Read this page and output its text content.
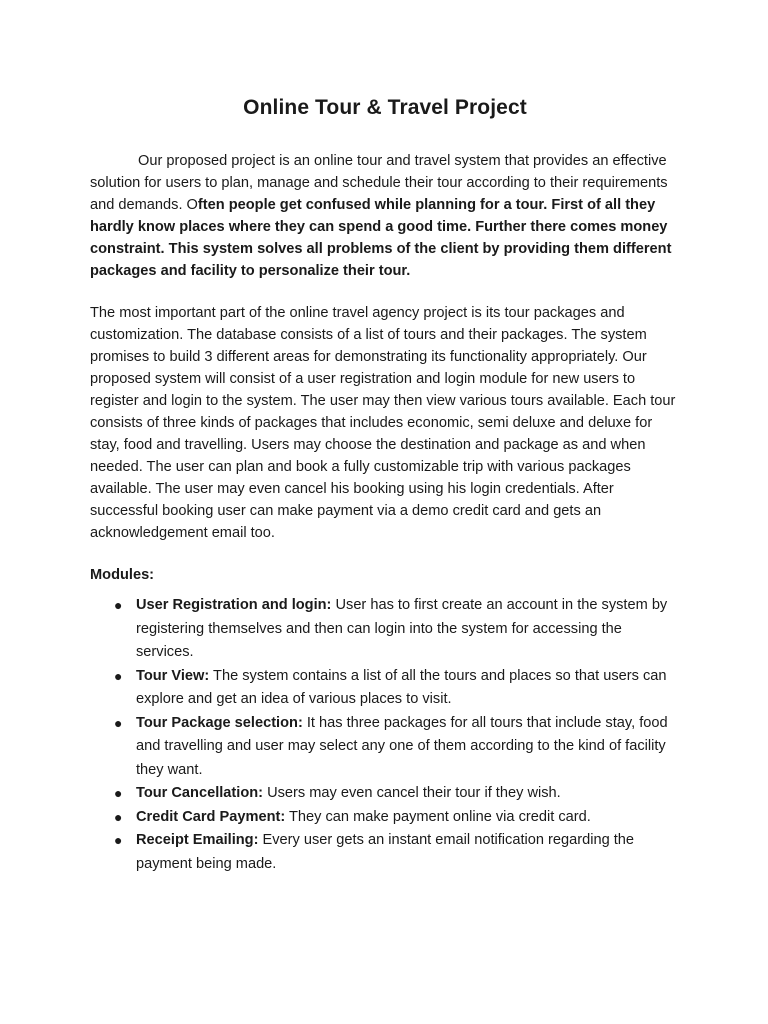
Online Tour & Travel Project

Our proposed project is an online tour and travel system that provides an effective solution for users to plan, manage and schedule their tour according to their requirements and demands. Often people get confused while planning for a tour. First of all they hardly know places where they can spend a good time. Further there comes money constraint. This system solves all problems of the client by providing them different packages and facility to personalize their tour.

The most important part of the online travel agency project is its tour packages and customization. The database consists of a list of tours and their packages. The system promises to build 3 different areas for demonstrating its functionality appropriately. Our proposed system will consist of a user registration and login module for new users to register and login to the system. The user may then view various tours available. Each tour consists of three kinds of packages that includes economic, semi deluxe and deluxe for stay, food and travelling. Users may choose the destination and package as and when needed. The user can plan and book a fully customizable trip with various packages available. The user may even cancel his booking using his login credentials. After successful booking user can make payment via a demo credit card and gets an acknowledgement email too.

Modules:
● User Registration and login: User has to first create an account in the system by registering themselves and then can login into the system for accessing the services.
● Tour View: The system contains a list of all the tours and places so that users can explore and get an idea of various places to visit.
● Tour Package selection: It has three packages for all tours that include stay, food and travelling and user may select any one of them according to the kind of facility they want.
● Tour Cancellation: Users may even cancel their tour if they wish.
● Credit Card Payment: They can make payment online via credit card.
● Receipt Emailing: Every user gets an instant email notification regarding the payment being made.
